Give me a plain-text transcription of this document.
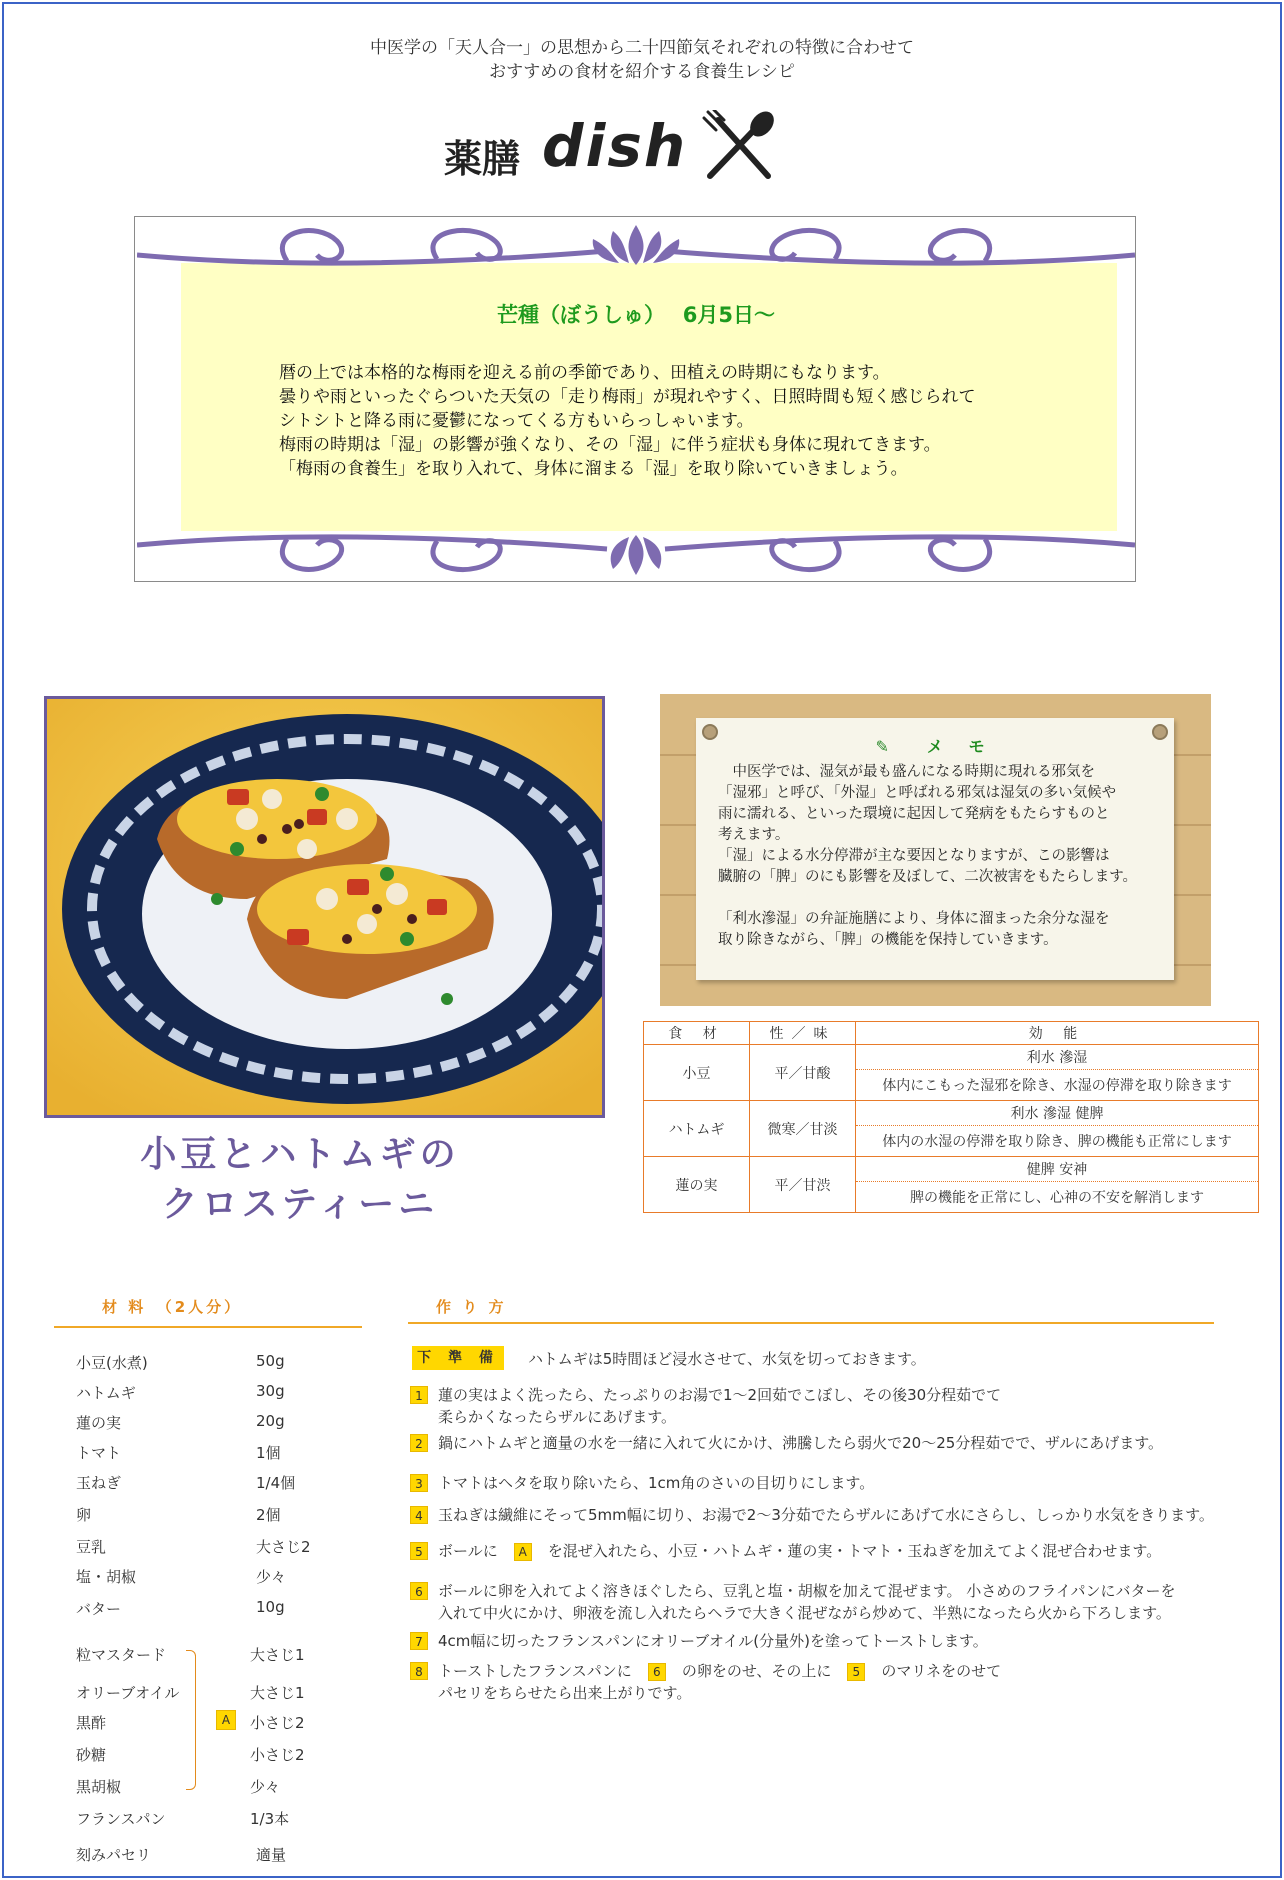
中医学の「天人合一」の思想から二十四節気それぞれの特徴に合わせて
おすすめの食材を紹介する食養生レシピ
薬膳 dish
芒種（ぼうしゅ）　 6月5日～
暦の上では本格的な梅雨を迎える前の季節であり、田植えの時期にもなります。
曇りや雨といったぐらついた天気の「走り梅雨」が現れやすく、日照時間も短く感じられて
シトシトと降る雨に憂鬱になってくる方もいらっしゃいます。
梅雨の時期は「湿」の影響が強くなり、その「湿」に伴う症状も身体に現れてきます。
「梅雨の食養生」を取り入れて、身体に溜まる「湿」を取り除いていきましょう。
小豆とハトムギの
クロスティーニ
✎ メ モ
　中医学では、湿気が最も盛んになる時期に現れる邪気を
「湿邪」と呼び、「外湿」と呼ばれる邪気は湿気の多い気候や
雨に濡れる、といった環境に起因して発病をもたらすものと
考えます。
「湿」による水分停滞が主な要因となりますが、この影響は
臓腑の「脾」のにも影響を及ぼして、二次被害をもたらします。

「利水滲湿」の弁証施膳により、身体に溜まった余分な湿を
取り除きながら、「脾」の機能を保持していきます。
食 材	性／味	効 能
小豆	平／甘酸	利水 滲湿
		体内にこもった湿邪を除き、水湿の停滞を取り除きます
ハトムギ	微寒／甘淡	利水 滲湿 健脾
		体内の水湿の停滞を取り除き、脾の機能も正常にします
蓮の実	平／甘渋	健脾 安神
		脾の機能を正常にし、心神の不安を解消します
材 料　（2人分）	作 り 方
小豆(水煮)	50g
ハトムギ	30g
蓮の実	20g
トマト	1個
玉ねぎ	1/4個
卵	2個
豆乳	大さじ2
塩・胡椒	少々
バター	10g
粒マスタード	大さじ1
オリーブオイル	大さじ1
黒酢	小さじ2
砂糖	小さじ2
黒胡椒	少々
フランスパン	1/3本
刻みパセリ	適量
A
下 準 備	ハトムギは5時間ほど浸水させて、水気を切っておきます。
1	蓮の実はよく洗ったら、たっぷりのお湯で1～2回茹でこぼし、その後30分程茹でて
柔らかくなったらザルにあげます。
2	鍋にハトムギと適量の水を一緒に入れて火にかけ、沸騰したら弱火で20～25分程茹でで、ザルにあげます。
3	トマトはヘタを取り除いたら、1cm角のさいの目切りにします。
4	玉ねぎは繊維にそって5mm幅に切り、お湯で2～3分茹でたらザルにあげて水にさらし、しっかり水気をきります。
5	ボールに A を混ぜ入れたら、小豆・ハトムギ・蓮の実・トマト・玉ねぎを加えてよく混ぜ合わせます。
6	ボールに卵を入れてよく溶きほぐしたら、豆乳と塩・胡椒を加えて混ぜます。 小さめのフライパンにバターを
入れて中火にかけ、卵液を流し入れたらヘラで大きく混ぜながら炒めて、半熟になったら火から下ろします。
7	4cm幅に切ったフランスパンにオリーブオイル(分量外)を塗ってトーストします。
8	トーストしたフランスパンに 6 の卵をのせ、その上に 5 のマリネをのせて
パセリをちらせたら出来上がりです。
